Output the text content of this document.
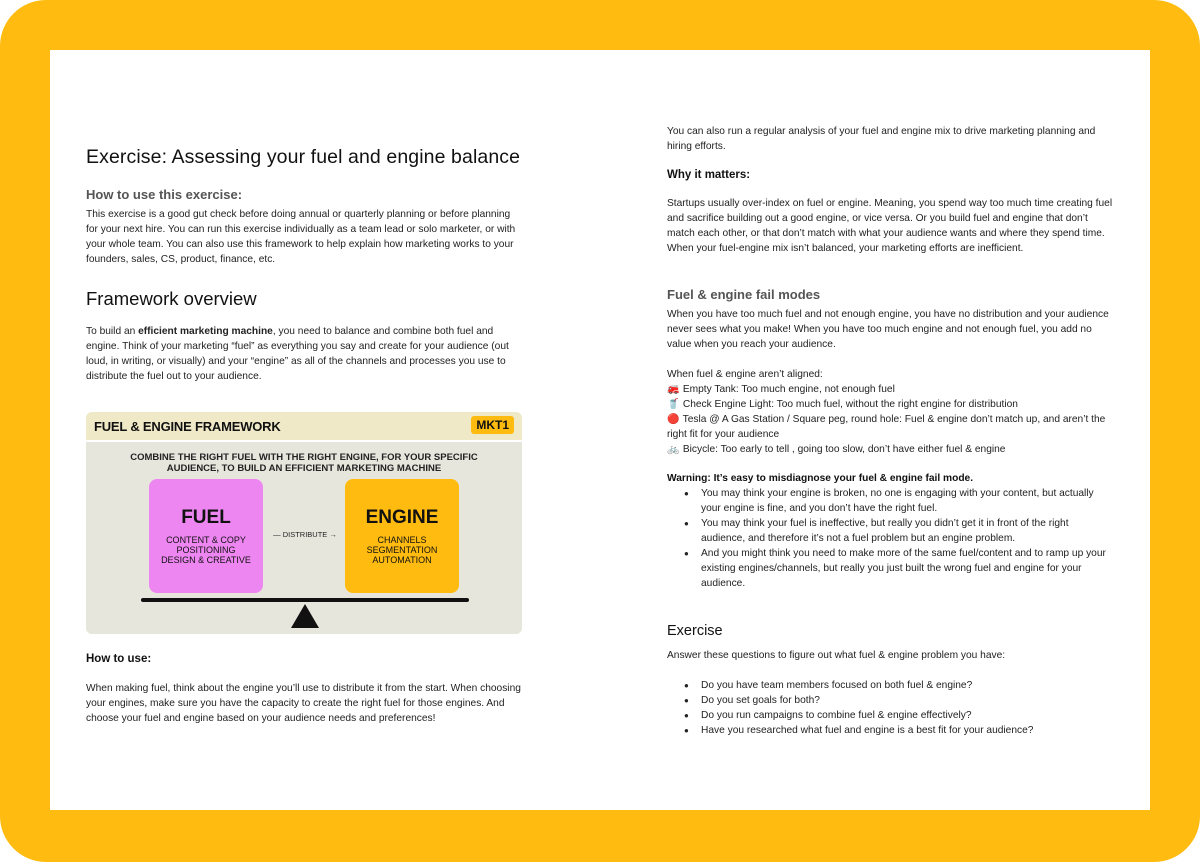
Exercise: Assessing your fuel and engine balance
How to use this exercise:

This exercise is a good gut check before doing annual or quarterly planning or before planning for your next hire. You can run this exercise individually as a team lead or solo marketer, or with your whole team. You can also use this framework to help explain how marketing works to your founders, sales, CS, product, finance, etc.

Framework overview

To build an efficient marketing machine, you need to balance and combine both fuel and engine. Think of your marketing “fuel” as everything you say and create for your audience (out loud, in writing, or visually) and your “engine” as all of the channels and processes you use to distribute the fuel out to your audience.

FUEL & ENGINE FRAMEWORK	MKT1
COMBINE THE RIGHT FUEL WITH THE RIGHT ENGINE, FOR YOUR SPECIFIC AUDIENCE, TO BUILD AN EFFICIENT MARKETING MACHINE
FUEL
CONTENT & COPY
POSITIONING
DESIGN & CREATIVE
— DISTRIBUTE →
ENGINE
CHANNELS
SEGMENTATION
AUTOMATION
How to use:

When making fuel, think about the engine you’ll use to distribute it from the start. When choosing your engines, make sure you have the capacity to create the right fuel for those engines. And choose your fuel and engine based on your audience needs and preferences!

You can also run a regular analysis of your fuel and engine mix to drive marketing planning and hiring efforts.

Why it matters:

Startups usually over-index on fuel or engine. Meaning, you spend way too much time creating fuel and sacrifice building out a good engine, or vice versa. Or you build fuel and engine that don’t match each other, or that don’t match with what your audience wants and where they spend time. When your fuel-engine mix isn’t balanced, your marketing efforts are inefficient.

Fuel & engine fail modes

When you have too much fuel and not enough engine, you have no distribution and your audience never sees what you make! When you have too much engine and not enough fuel, you add no value when you reach your audience.

When fuel & engine aren’t aligned:
🚒 Empty Tank: Too much engine, not enough fuel
🥤 Check Engine Light: Too much fuel, without the right engine for distribution
🔴 Tesla @ A Gas Station / Square peg, round hole: Fuel & engine don’t match up, and aren’t the right fit for your audience
🚲 Bicycle: Too early to tell , going too slow, don’t have either fuel & engine

Warning: It’s easy to misdiagnose your fuel & engine fail mode.

● You may think your engine is broken, no one is engaging with your content, but actually your engine is fine, and you don’t have the right fuel.
● You may think your fuel is ineffective, but really you didn’t get it in front of the right audience, and therefore it’s not a fuel problem but an engine problem.
● And you might think you need to make more of the same fuel/content and to ramp up your existing engines/channels, but really you just built the wrong fuel and engine for your audience.
Exercise

Answer these questions to figure out what fuel & engine problem you have:

● Do you have team members focused on both fuel & engine?
● Do you set goals for both?
● Do you run campaigns to combine fuel & engine effectively?
● Have you researched what fuel and engine is a best fit for your audience?
